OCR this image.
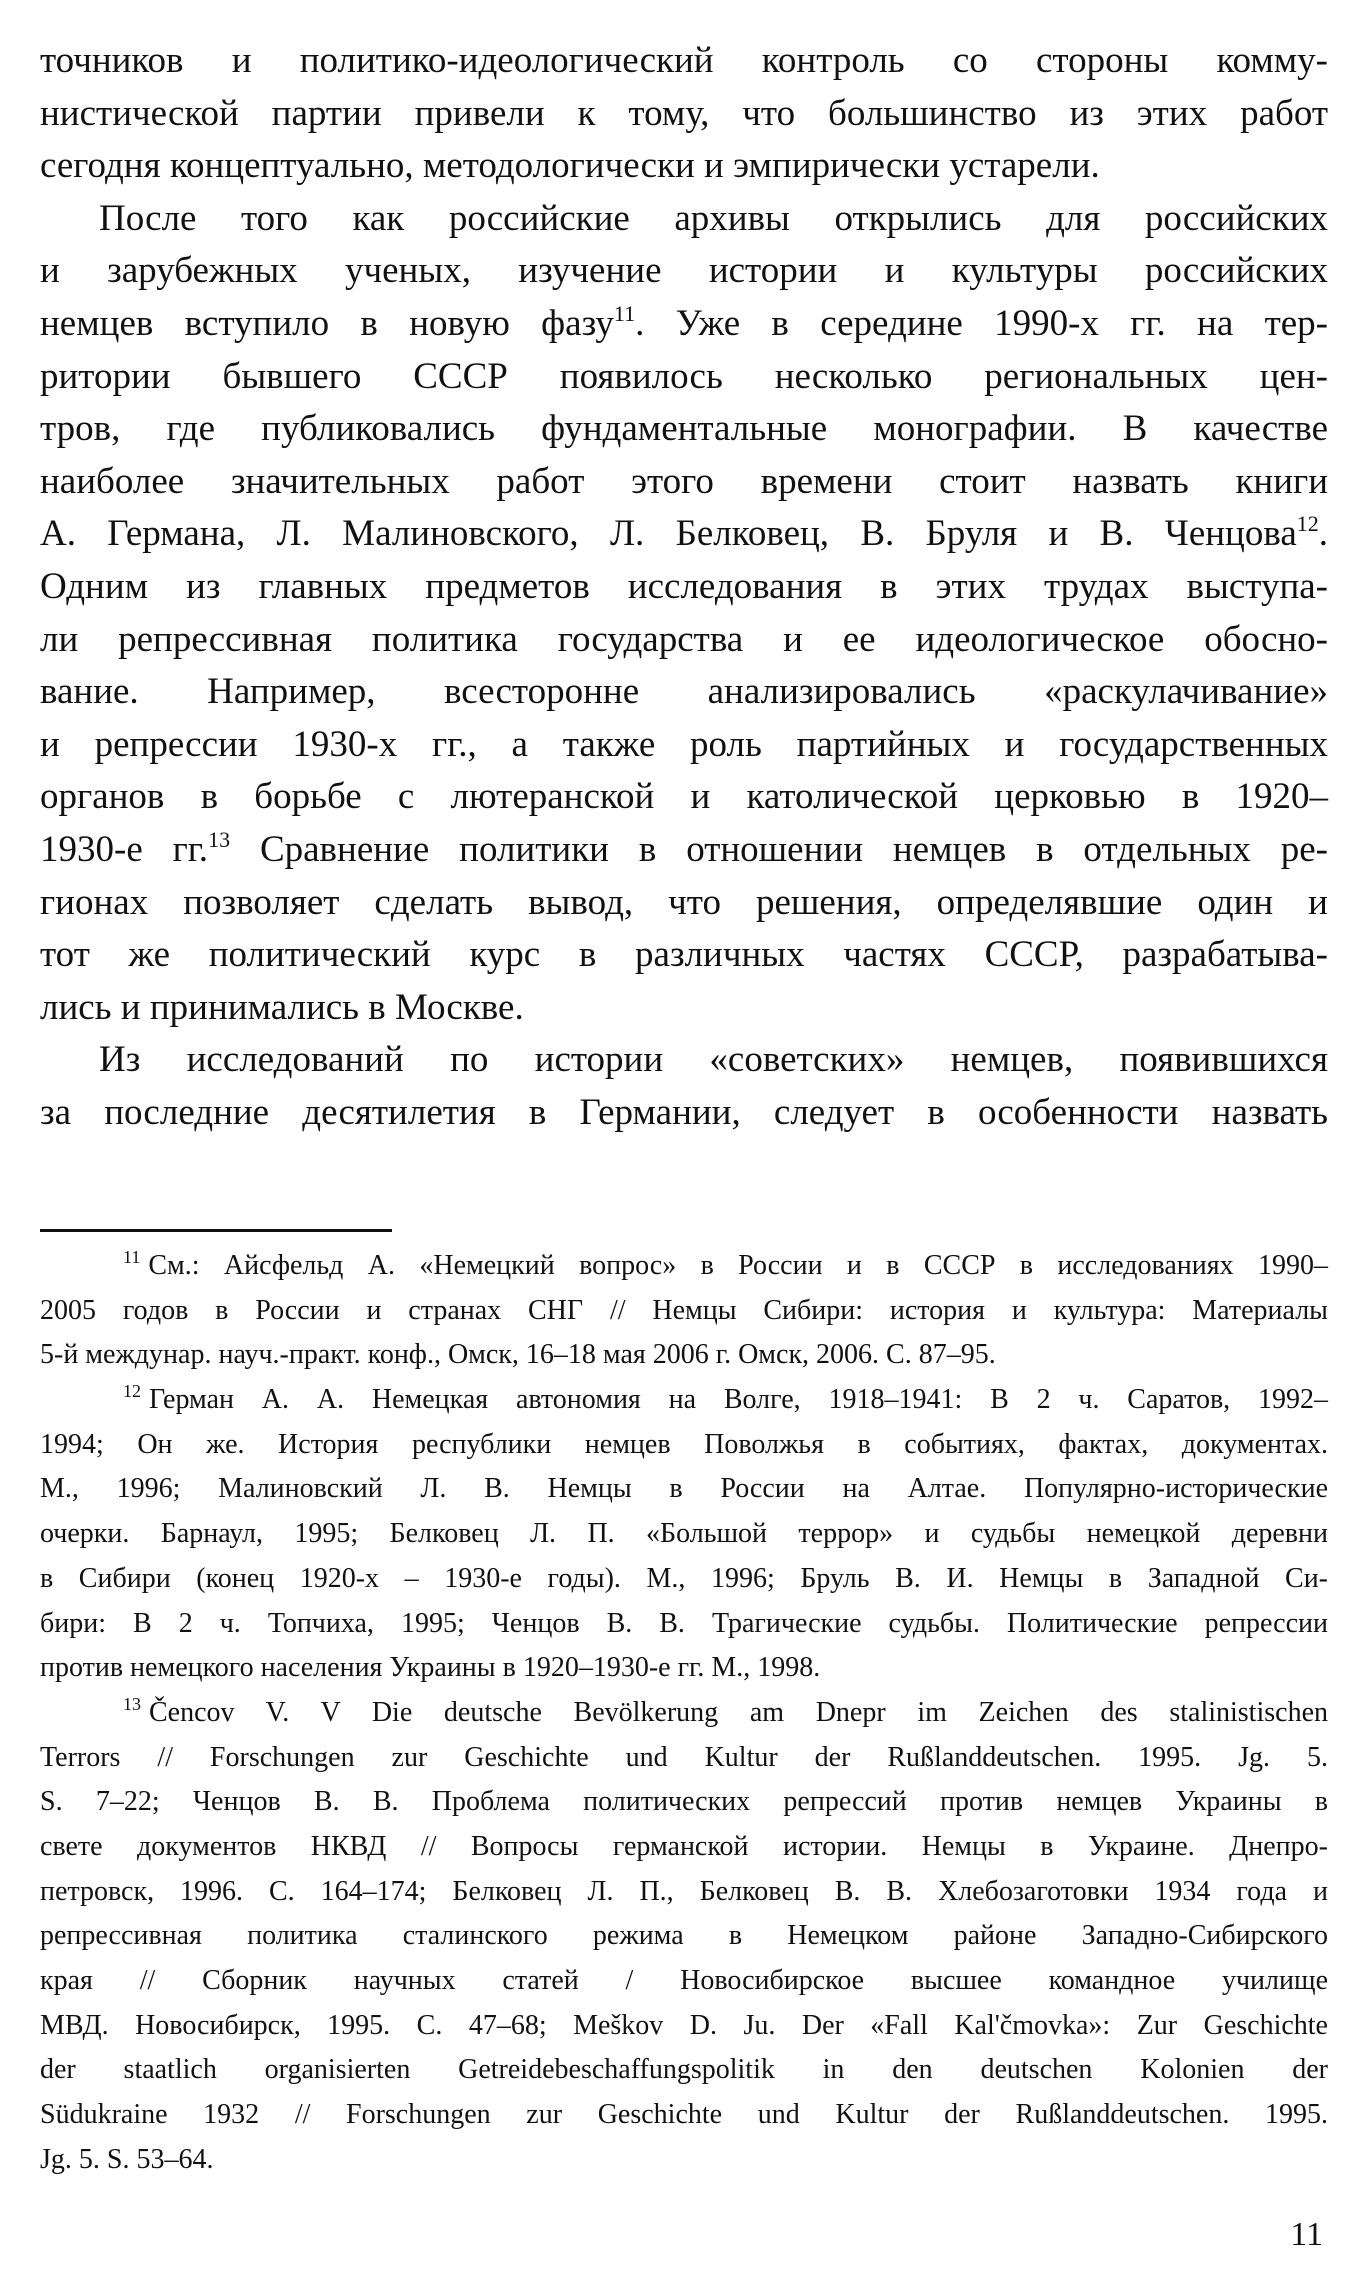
точников и политико-идеологический контроль со стороны комму-
нистической партии привели к тому, что большинство из этих работ
сегодня концептуально, методологически и эмпирически устарели.
После того как российские архивы открылись для российских
и зарубежных ученых, изучение истории и культуры российских
немцев вступило в новую фазу$^{11}$. Уже в середине 1990-х гг. на тер-
ритории бывшего СССР появилось несколько региональных цен-
тров, где публиковались фундаментальные монографии. В качестве
наиболее значительных работ этого времени стоит назвать книги
А. Германа, Л. Малиновского, Л. Белковец, В. Бруля и В. Ченцова$^{12}$.
Одним из главных предметов исследования в этих трудах выступа-
ли репрессивная политика государства и ее идеологическое обосно-
вание. Например, всесторонне анализировались «раскулачивание»
и репрессии 1930-х гг., а также роль партийных и государственных
органов в борьбе с лютеранской и католической церковью в 1920–
1930-е гг.$^{13}$ Сравнение политики в отношении немцев в отдельных ре-
гионах позволяет сделать вывод, что решения, определявшие один и
тот же политический курс в различных частях СССР, разрабатыва-
лись и принимались в Москве.
Из исследований по истории «советских» немцев, появившихся
за последние десятилетия в Германии, следует в особенности назвать
$^{11}$ См.: Айсфельд А. «Немецкий вопрос» в России и в СССР в исследованиях 1990–
2005 годов в России и странах СНГ // Немцы Сибири: история и культура: Материалы
5-й междунар. науч.-практ. конф., Омск, 16–18 мая 2006 г. Омск, 2006. С. 87–95.
$^{12}$ Герман А. А. Немецкая автономия на Волге, 1918–1941: В 2 ч. Саратов, 1992–
1994; Он же. История республики немцев Поволжья в событиях, фактах, документах.
М., 1996; Малиновский Л. В. Немцы в России на Алтае. Популярно-исторические
очерки. Барнаул, 1995; Белковец Л. П. «Большой террор» и судьбы немецкой деревни
в Сибири (конец 1920-х – 1930-е годы). М., 1996; Бруль В. И. Немцы в Западной Си-
бири: В 2 ч. Топчиха, 1995; Ченцов В. В. Трагические судьбы. Политические репрессии
против немецкого населения Украины в 1920–1930-е гг. М., 1998.
$^{13}$ Čencov V. V Die deutsche Bevölkerung am Dnepr im Zeichen des stalinistischen
Terrors // Forschungen zur Geschichte und Kultur der Rußlanddeutschen. 1995. Jg. 5.
S. 7–22; Ченцов В. В. Проблема политических репрессий против немцев Украины в
свете документов НКВД // Вопросы германской истории. Немцы в Украине. Днепро-
петровск, 1996. С. 164–174; Белковец Л. П., Белковец В. В. Хлебозаготовки 1934 года и
репрессивная политика сталинского режима в Немецком районе Западно-Сибирского
края // Сборник научных статей / Новосибирское высшее командное училище
МВД. Новосибирск, 1995. С. 47–68; Meškov D. Ju. Der «Fall Kal'čmovka»: Zur Geschichte
der staatlich organisierten Getreidebeschaffungspolitik in den deutschen Kolonien der
Südukraine 1932 // Forschungen zur Geschichte und Kultur der Rußlanddeutschen. 1995.
Jg. 5. S. 53–64.
11
